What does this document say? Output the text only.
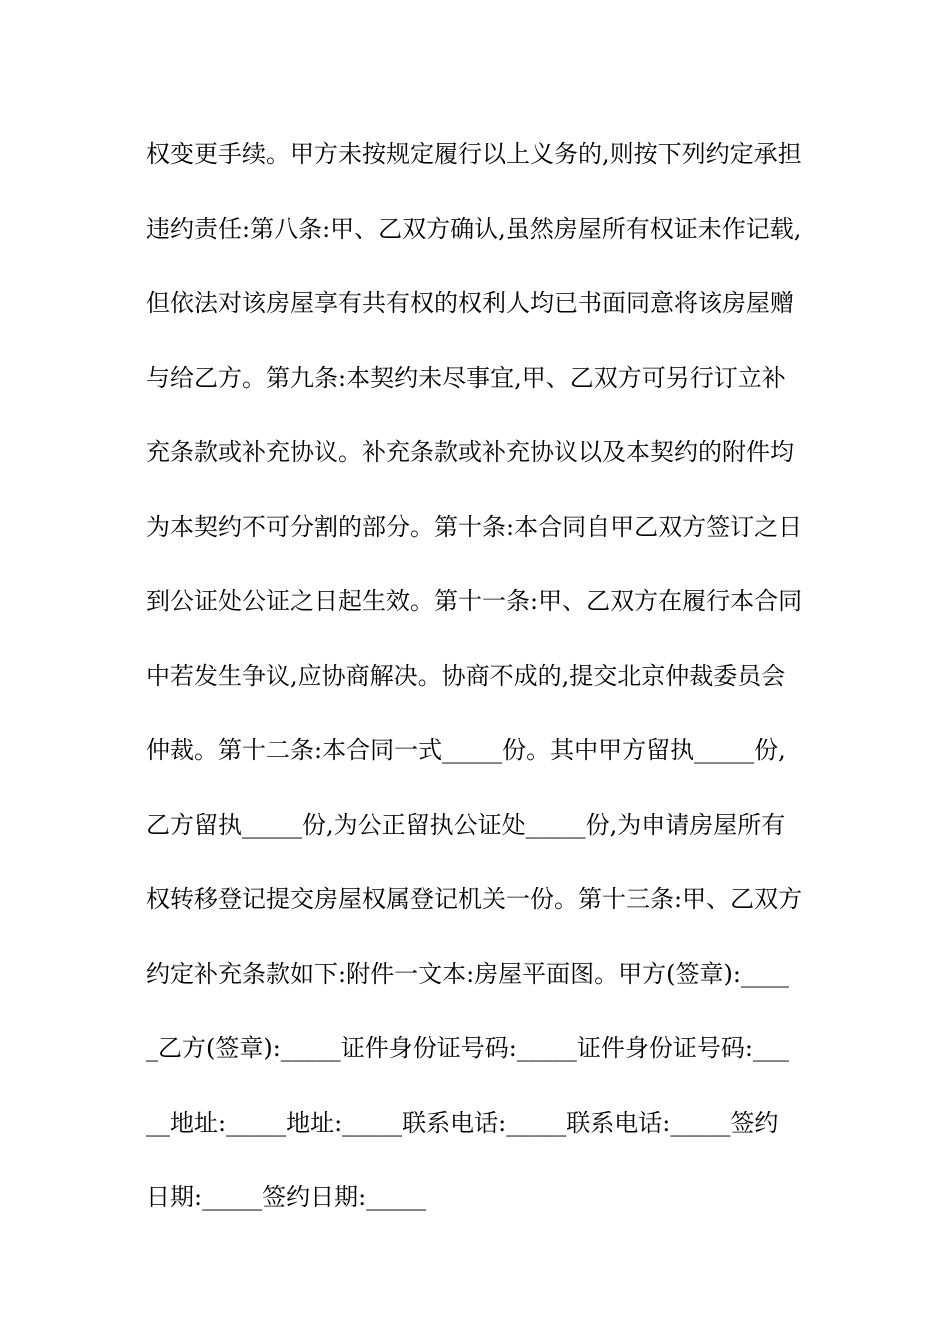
权变更手续。甲方未按规定履行以上义务的,则按下列约定承担
违约责任:第八条:甲、乙双方确认,虽然房屋所有权证未作记载,
但依法对该房屋享有共有权的权利人均已书面同意将该房屋赠
与给乙方。第九条:本契约未尽事宜,甲、乙双方可另行订立补
充条款或补充协议。补充条款或补充协议以及本契约的附件均
为本契约不可分割的部分。第十条:本合同自甲乙双方签订之日
到公证处公证之日起生效。第十一条:甲、乙双方在履行本合同
中若发生争议,应协商解决。协商不成的,提交北京仲裁委员会
仲裁。第十二条:本合同一式_____份。其中甲方留执_____份,
乙方留执_____份,为公正留执公证处_____份,为申请房屋所有
权转移登记提交房屋权属登记机关一份。第十三条:甲、乙双方
约定补充条款如下:附件一文本:房屋平面图。甲方(签章):____
_乙方(签章):_____证件身份证号码:_____证件身份证号码:___
__地址:_____地址:_____联系电话:_____联系电话:_____签约
日期:_____签约日期:_____
